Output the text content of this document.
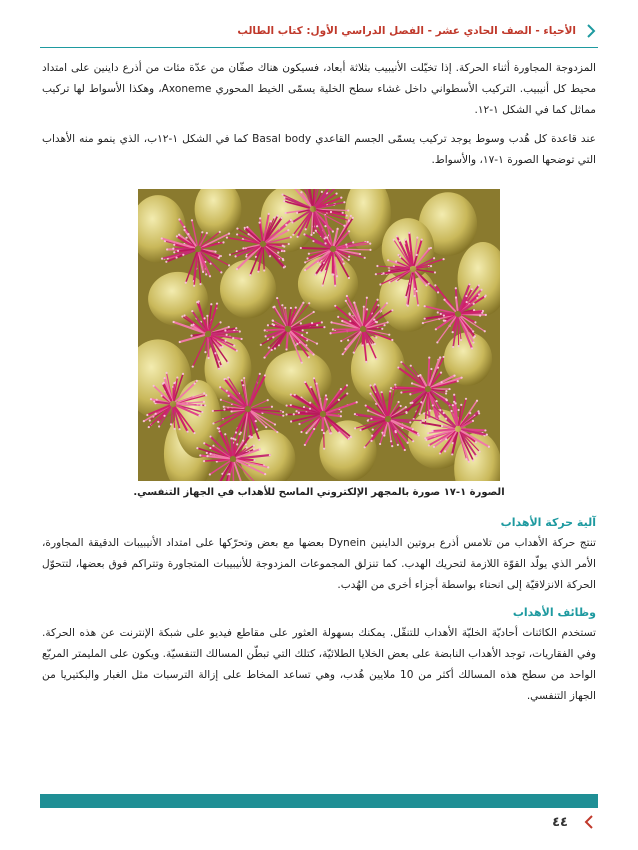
الأحياء - الصف الحادي عشر - الفصل الدراسي الأول: كتاب الطالب

المزدوجة المجاورة أثناء الحركة. إذا تخيّلت الأنيبيب بثلاثة أبعاد، فسيكون هناك صفّان من عدّة مئات من أذرع داينين على امتداد محيط كل أنيبيب. التركيب الأسطواني داخل غشاء سطح الخلية يسمّى الخيط المحوري Axoneme، وهكذا الأسواط لها تركيب مماثل كما في الشكل ١-١٢.

عند قاعدة كل هُدب وسوط يوجد تركيب يسمّى الجسم القاعدي Basal body كما في الشكل ١-١٢ب، الذي ينمو منه الأهداب التي توضحها الصورة ١-١٧، والأسواط.

الصورة ١-١٧ صورة بالمجهر الإلكتروني الماسح للأهداب في الجهاز التنفسي.
آلية حركة الأهداب

تنتج حركة الأهداب من تلامس أذرع بروتين الداينين Dynein بعضها مع بعض وتحرّكها على امتداد الأنيبيبات الدقيقة المجاورة، الأمر الذي يولّد القوّة اللازمة لتحريك الهدب. كما تنزلق المجموعات المزدوجة للأنيبيبات المتجاورة وتتراكم فوق بعضها، لتتحوّل الحركة الانزلاقيّة إلى انحناء بواسطة أجزاء أخرى من الهُدب.

وظائف الأهداب

تستخدم الكائنات أحاديّة الخليّة الأهداب للتنقّل. يمكنك بسهولة العثور على مقاطع فيديو على شبكة الإنترنت عن هذه الحركة. وفي الفقاريات، توجد الأهداب النابضة على بعض الخلايا الطلائيّة، كتلك التي تبطّن المسالك التنفسيّة. ويكون على المليمتر المربّع الواحد من سطح هذه المسالك أكثر من 10 ملايين هُدب، وهي تساعد المخاط على إزالة الترسبات مثل الغبار والبكتيريا من الجهاز التنفسي.

٤٤
